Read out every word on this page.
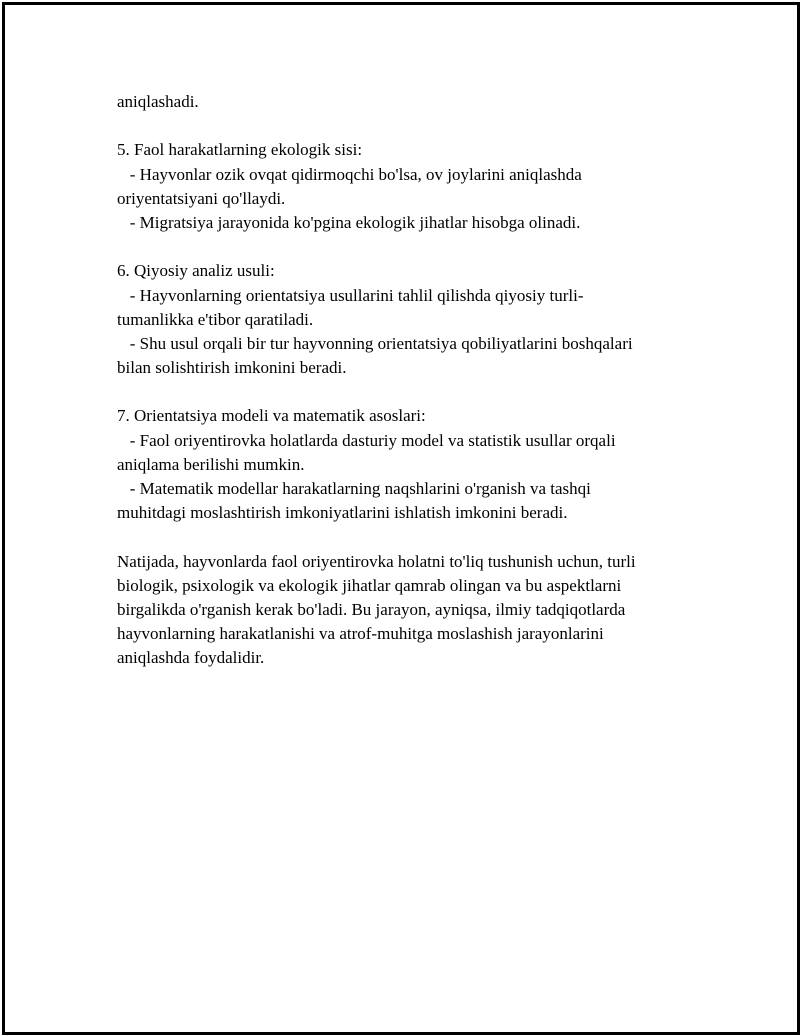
aniqlashadi.
5. Faol harakatlarning ekologik sisi:
- Hayvonlar ozik ovqat qidirmoqchi bo'lsa, ov joylarini aniqlashda
oriyentatsiyani qo'llaydi.
- Migratsiya jarayonida ko'pgina ekologik jihatlar hisobga olinadi.
6. Qiyosiy analiz usuli:
- Hayvonlarning orientatsiya usullarini tahlil qilishda qiyosiy turli-
tumanlikka e'tibor qaratiladi.
- Shu usul orqali bir tur hayvonning orientatsiya qobiliyatlarini boshqalari
bilan solishtirish imkonini beradi.
7. Orientatsiya modeli va matematik asoslari:
- Faol oriyentirovka holatlarda dasturiy model va statistik usullar orqali
aniqlama berilishi mumkin.
- Matematik modellar harakatlarning naqshlarini o'rganish va tashqi
muhitdagi moslashtirish imkoniyatlarini ishlatish imkonini beradi.
Natijada, hayvonlarda faol oriyentirovka holatni to'liq tushunish uchun, turli
biologik, psixologik va ekologik jihatlar qamrab olingan va bu aspektlarni
birgalikda o'rganish kerak bo'ladi. Bu jarayon, ayniqsa, ilmiy tadqiqotlarda
hayvonlarning harakatlanishi va atrof-muhitga moslashish jarayonlarini
aniqlashda foydalidir.
